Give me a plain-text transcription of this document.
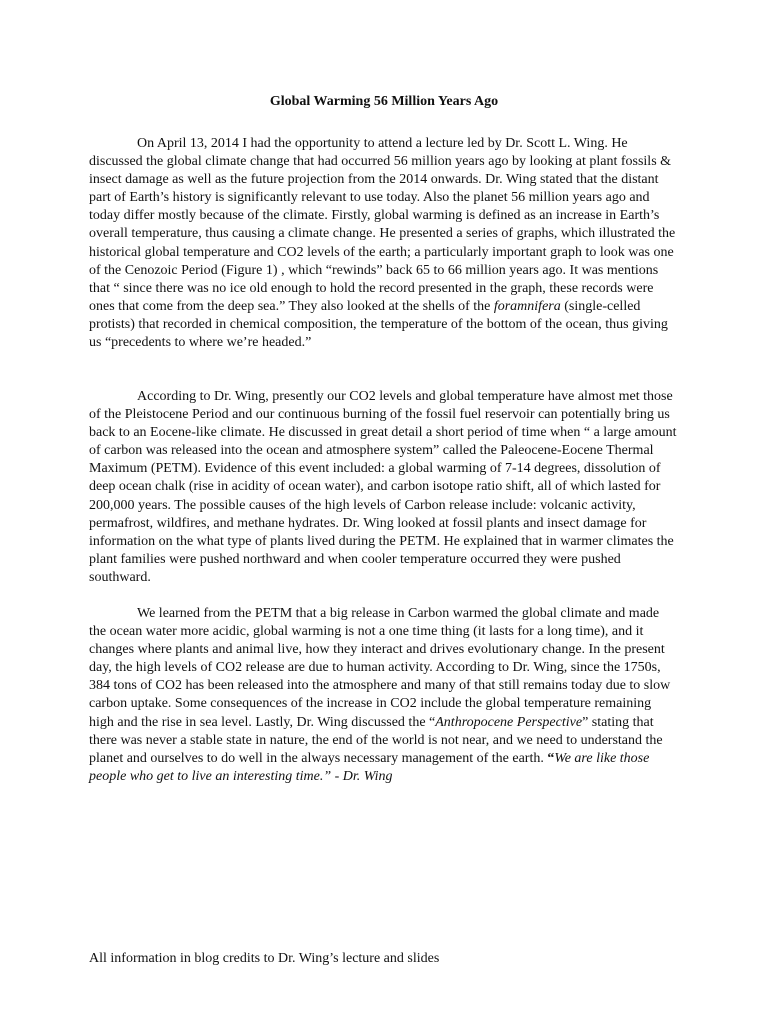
Global Warming 56 Million Years Ago

On April 13, 2014 I had the opportunity to attend a lecture led by Dr. Scott L. Wing. He discussed the global climate change that had occurred 56 million years ago by looking at plant fossils & insect damage as well as the future projection from the 2014 onwards. Dr. Wing stated that the distant part of Earth’s history is significantly relevant to use today. Also the planet 56 million years ago and today differ mostly because of the climate. Firstly, global warming is defined as an increase in Earth’s overall temperature, thus causing a climate change. He presented a series of graphs, which illustrated the historical global temperature and CO2 levels of the earth; a particularly important graph to look was one of the Cenozoic Period (Figure 1) , which “rewinds” back 65 to 66 million years ago. It was mentions that “ since there was no ice old enough to hold the record presented in the graph, these records were ones that come from the deep sea.” They also looked at the shells of the foramnifera (single-celled protists) that recorded in chemical composition, the temperature of the bottom of the ocean, thus giving us “precedents to where we’re headed.”

According to Dr. Wing, presently our CO2 levels and global temperature have almost met those of the Pleistocene Period and our continuous burning of the fossil fuel reservoir can potentially bring us back to an Eocene-like climate. He discussed in great detail a short period of time when “ a large amount of carbon was released into the ocean and atmosphere system” called the Paleocene-Eocene Thermal Maximum (PETM). Evidence of this event included: a global warming of 7-14 degrees, dissolution of deep ocean chalk (rise in acidity of ocean water), and carbon isotope ratio shift, all of which lasted for 200,000 years. The possible causes of the high levels of Carbon release include: volcanic activity, permafrost, wildfires, and methane hydrates. Dr. Wing looked at fossil plants and insect damage for information on the what type of plants lived during the PETM. He explained that in warmer climates the plant families were pushed northward and when cooler temperature occurred they were pushed southward.

We learned from the PETM that a big release in Carbon warmed the global climate and made the ocean water more acidic, global warming is not a one time thing (it lasts for a long time), and it changes where plants and animal live, how they interact and drives evolutionary change. In the present day, the high levels of CO2 release are due to human activity. According to Dr. Wing, since the 1750s, 384 tons of CO2 has been released into the atmosphere and many of that still remains today due to slow carbon uptake. Some consequences of the increase in CO2 include the global temperature remaining high and the rise in sea level. Lastly, Dr. Wing discussed the “Anthropocene Perspective” stating that there was never a stable state in nature, the end of the world is not near, and we need to understand the planet and ourselves to do well in the always necessary management of the earth. “We are like those people who get to live an interesting time.” - Dr. Wing

All information in blog credits to Dr. Wing’s lecture and slides
